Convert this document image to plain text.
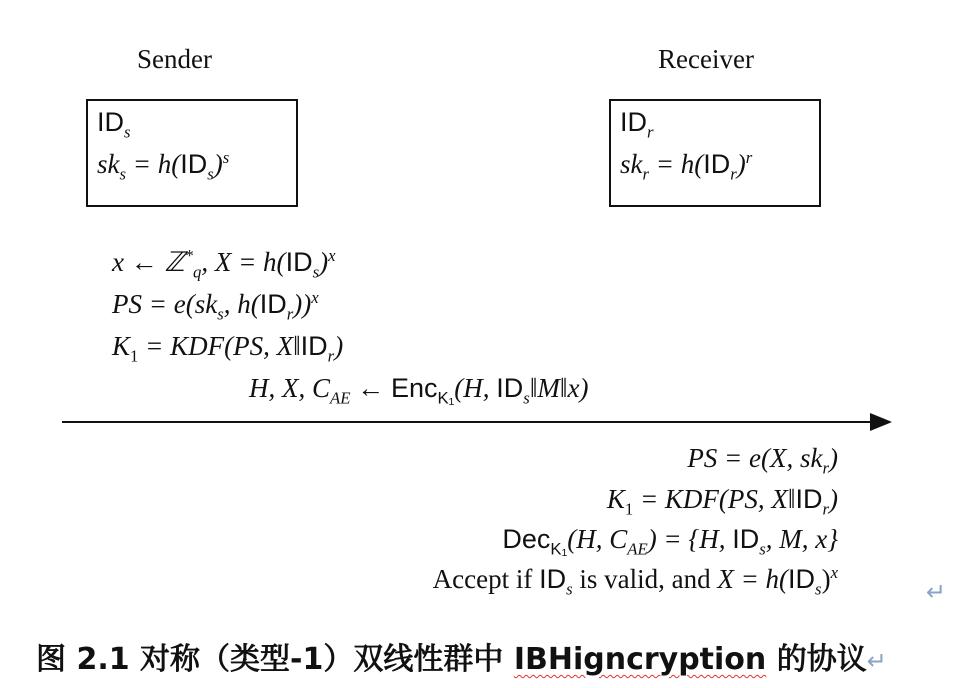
Sender	Receiver
$ID_s$
$sk_s = h(ID_s)^s$
$ID_r$
$sk_r = h(ID_r)^r$
x ← ℤ*$_q$, $X = h(ID_s)^x$
PS = $e(sk_s$, $h(ID_r))^x$
$K_1 = KDF(PS$, $X‖ID_r$)
H, X, $C_{AE}$ ← Enc$_{K_1}$(H, $ID_s‖M‖x$)
PS = e(X, $sk_r$)
$K_1 = KDF(PS$, $X‖ID_r$)
Dec$_{K_1}$(H, $C_{AE}) = \{H$, $ID_s$, M, x}
Accept if $ID_s$ is valid, and $X = h(ID_s)^x$
↵
图 2.1 对称（类型-1）双线性群中 IBHigncryption 的协议↵
